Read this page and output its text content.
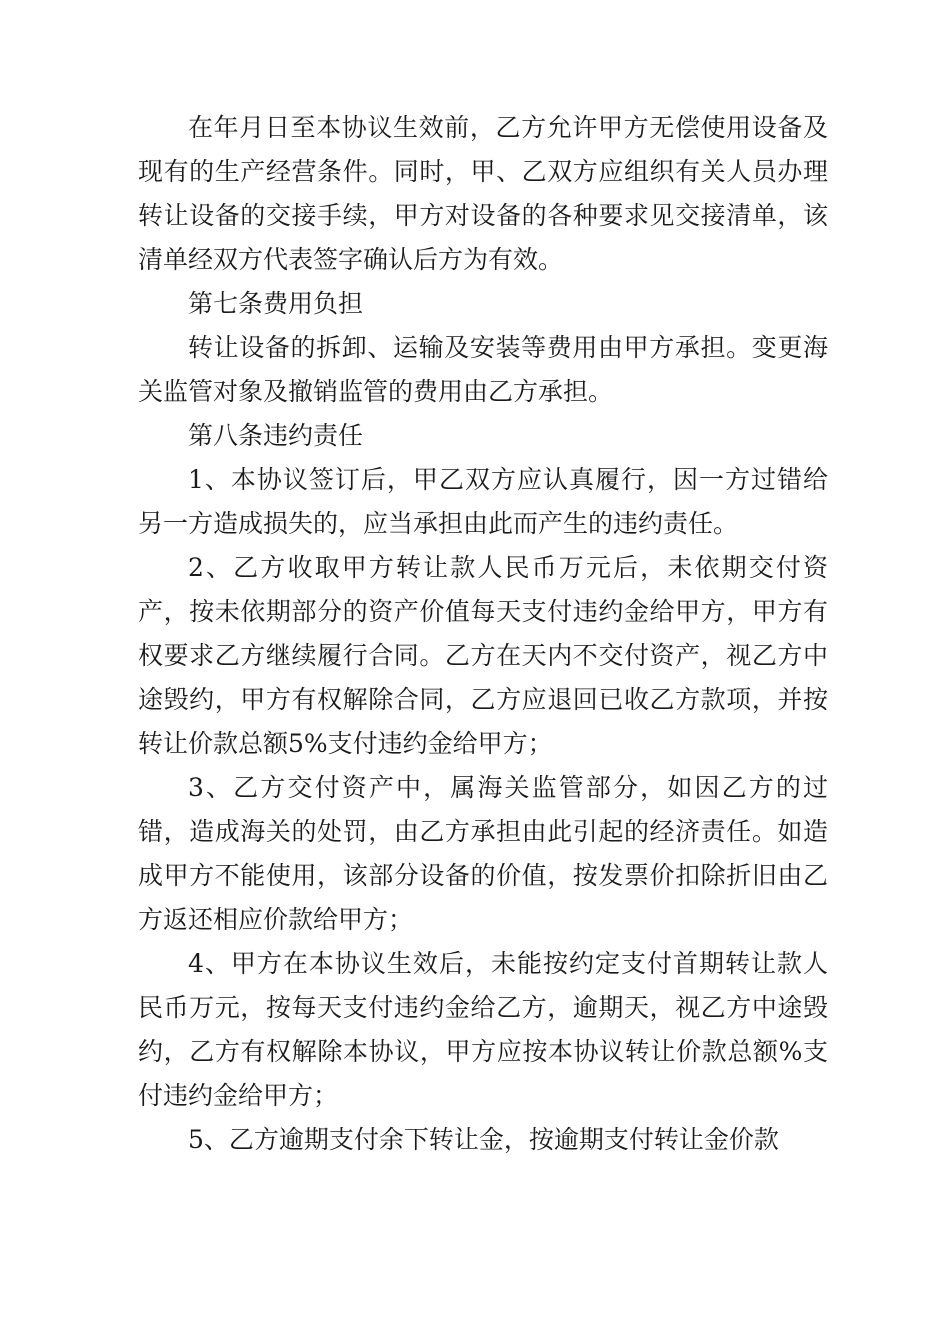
在年月日至本协议生效前，乙方允许甲方无偿使用设备及现有的生产经营条件。同时，甲、乙双方应组织有关人员办理转让设备的交接手续，甲方对设备的各种要求见交接清单，该清单经双方代表签字确认后方为有效。

第七条费用负担

转让设备的拆卸、运输及安装等费用由甲方承担。变更海关监管对象及撤销监管的费用由乙方承担。

第八条违约责任

1、本协议签订后，甲乙双方应认真履行，因一方过错给另一方造成损失的，应当承担由此而产生的违约责任。

2、乙方收取甲方转让款人民币万元后，未依期交付资产，按未依期部分的资产价值每天支付违约金给甲方，甲方有权要求乙方继续履行合同。乙方在天内不交付资产，视乙方中途毁约，甲方有权解除合同，乙方应退回已收乙方款项，并按转让价款总额5%支付违约金给甲方；

3、乙方交付资产中，属海关监管部分，如因乙方的过错，造成海关的处罚，由乙方承担由此引起的经济责任。如造成甲方不能使用，该部分设备的价值，按发票价扣除折旧由乙方返还相应价款给甲方；

4、甲方在本协议生效后，未能按约定支付首期转让款人民币万元，按每天支付违约金给乙方，逾期天，视乙方中途毁约，乙方有权解除本协议，甲方应按本协议转让价款总额%支付违约金给甲方；

5、乙方逾期支付余下转让金，按逾期支付转让金价款
